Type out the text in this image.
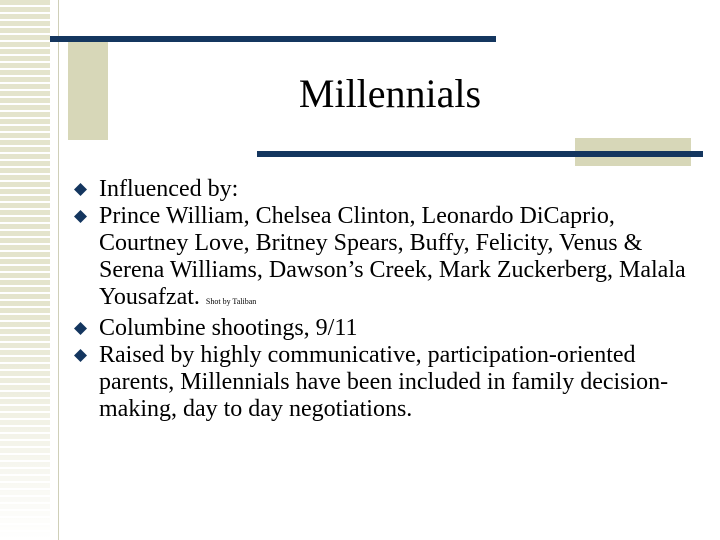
Millennials
Influenced by:
Prince William, Chelsea Clinton, Leonardo DiCaprio, Courtney Love, Britney Spears, Buffy, Felicity, Venus & Serena Williams, Dawson’s Creek, Mark Zuckerberg, Malala Yousafzat. Shot by Taliban
Columbine shootings, 9/11
Raised by highly communicative, participation-oriented parents, Millennials have been included in family decision-making, day to day negotiations.
